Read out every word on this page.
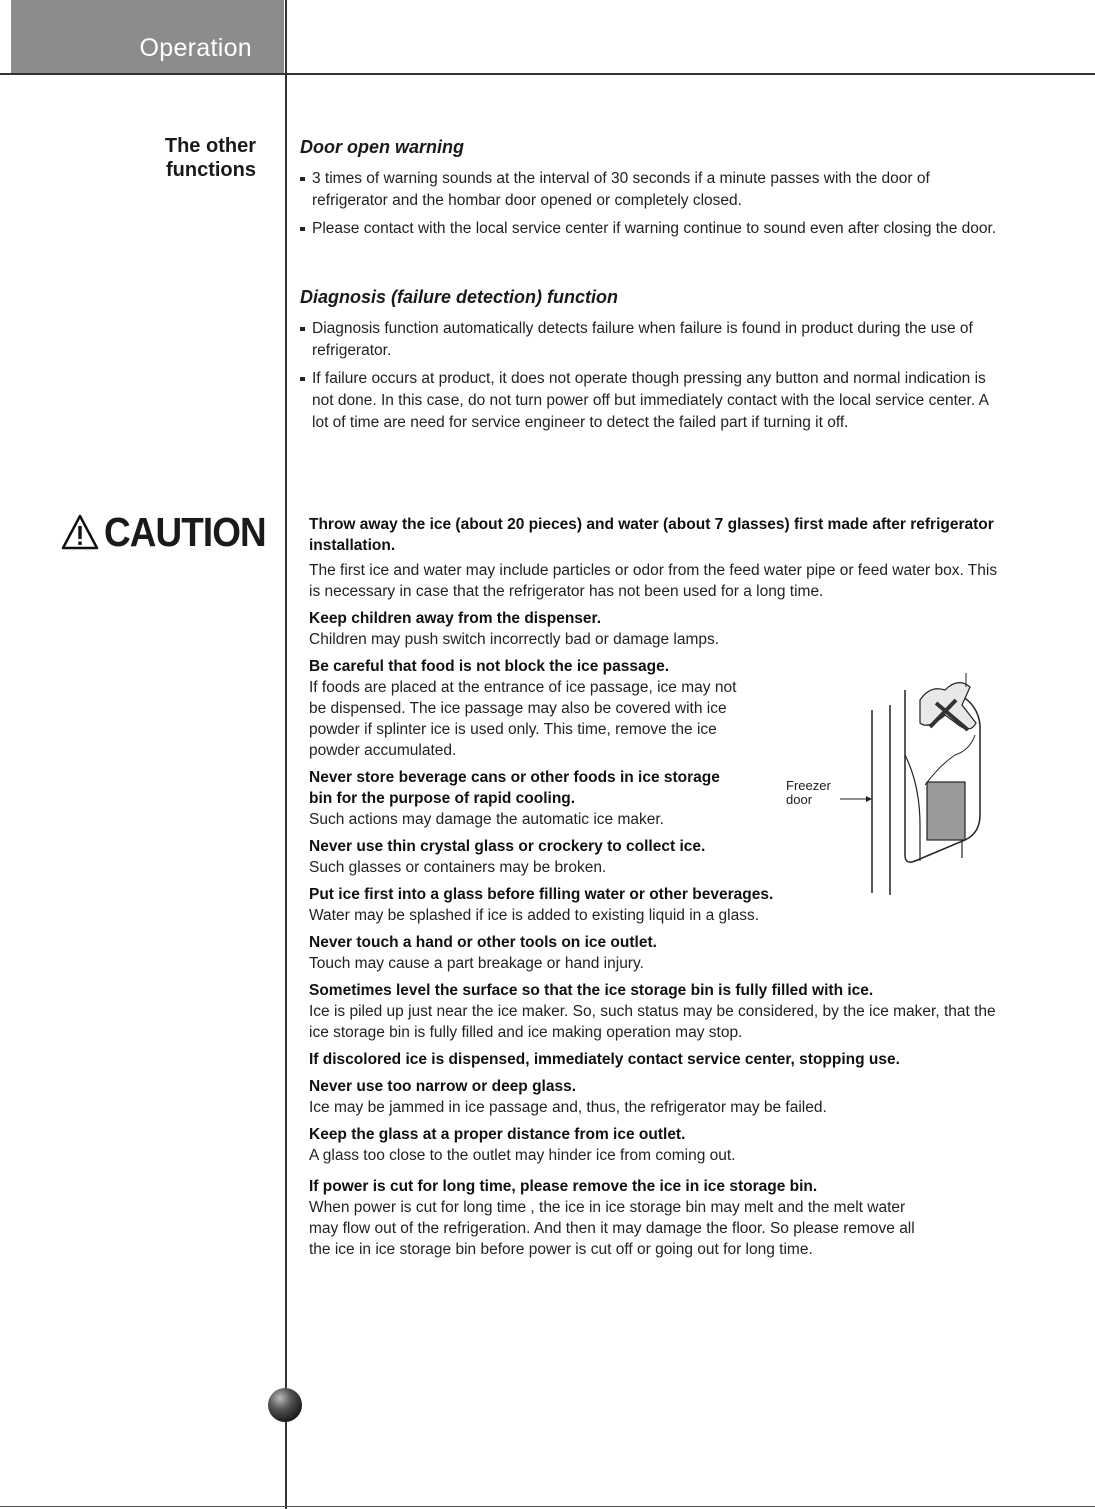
Operation
The other
functions
CAUTION
Door open warning
3 times of warning sounds at the interval of 30 seconds if a minute passes with the door of refrigerator and the hombar door opened or completely closed.
Please contact with the local service center if warning continue to sound even after closing the door.
Diagnosis (failure detection) function
Diagnosis function automatically detects failure when failure is found in product during the use of refrigerator.
If failure occurs at product, it does not operate though pressing any button and normal indication is not done. In this case, do not turn power off but immediately contact with the local service center. A lot of time are need for service engineer to detect the failed part if turning it off.
Throw away the ice (about 20 pieces) and water (about 7 glasses) first made after refrigerator installation.
The first ice and water may include particles or odor from the feed water pipe or feed water box. This is necessary in case that the refrigerator has not been used for a long time.
Keep children away from the dispenser.
Children may push switch incorrectly bad or damage lamps.
Be careful that food is not block the ice passage.
If foods are placed at the entrance of ice passage, ice may not be dispensed. The ice passage may also be covered with ice powder if splinter ice is used only. This time, remove the ice powder accumulated.
Never store beverage cans or other foods in ice storage bin for the purpose of rapid cooling.
Such actions may damage the automatic ice maker.
Never use thin crystal glass or crockery to collect ice.
Such glasses or containers may be broken.
Put ice first into a glass before filling water or other beverages.
Water may be splashed if ice is added to existing liquid in a glass.
Never touch a hand or other tools on ice outlet.
Touch may cause a part breakage or hand injury.
Sometimes level the surface so that the ice storage bin is fully filled with ice.
Ice is piled up just near the ice maker. So, such status may be considered, by the ice maker, that the ice storage bin is fully filled and ice making operation may stop.
If discolored ice is dispensed, immediately contact service center, stopping use.
Never use too narrow or deep glass.
Ice may be jammed in ice passage and, thus, the refrigerator may be failed.
Keep the glass at a proper distance from ice outlet.
A glass too close to the outlet may hinder ice from coming out.
If power is cut for long time, please remove the ice in ice storage bin.
When power is cut for long time , the ice in ice storage bin may melt and the melt water may flow out of the refrigeration. And then it may damage the floor. So please remove all the ice in ice storage bin before power is cut off or going out for long time.
Freezer
door
